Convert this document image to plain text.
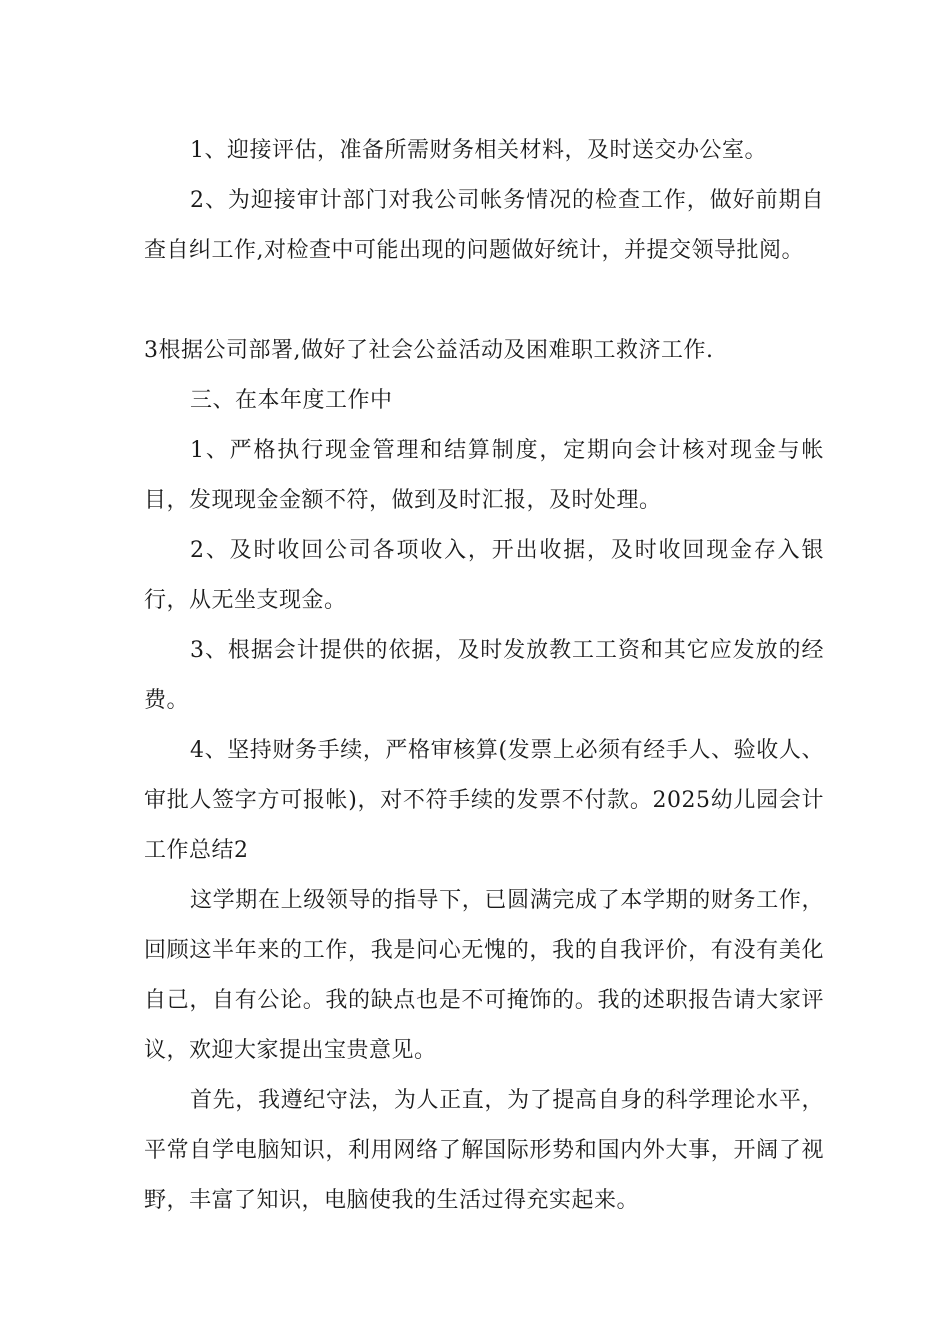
1、迎接评估，准备所需财务相关材料，及时送交办公室。

2、为迎接审计部门对我公司帐务情况的检查工作，做好前期自查自纠工作,对检查中可能出现的问题做好统计，并提交领导批阅。

3根据公司部署,做好了社会公益活动及困难职工救济工作.

三、在本年度工作中

1、严格执行现金管理和结算制度，定期向会计核对现金与帐目，发现现金金额不符，做到及时汇报，及时处理。

2、及时收回公司各项收入，开出收据，及时收回现金存入银行，从无坐支现金。

3、根据会计提供的依据，及时发放教工工资和其它应发放的经费。

4、坚持财务手续，严格审核算(发票上必须有经手人、验收人、审批人签字方可报帐)，对不符手续的发票不付款。2025幼儿园会计工作总结2

这学期在上级领导的指导下，已圆满完成了本学期的财务工作，回顾这半年来的工作，我是问心无愧的，我的自我评价，有没有美化自己，自有公论。我的缺点也是不可掩饰的。我的述职报告请大家评议，欢迎大家提出宝贵意见。

首先，我遵纪守法，为人正直，为了提高自身的科学理论水平，平常自学电脑知识，利用网络了解国际形势和国内外大事，开阔了视野，丰富了知识，电脑使我的生活过得充实起来。
